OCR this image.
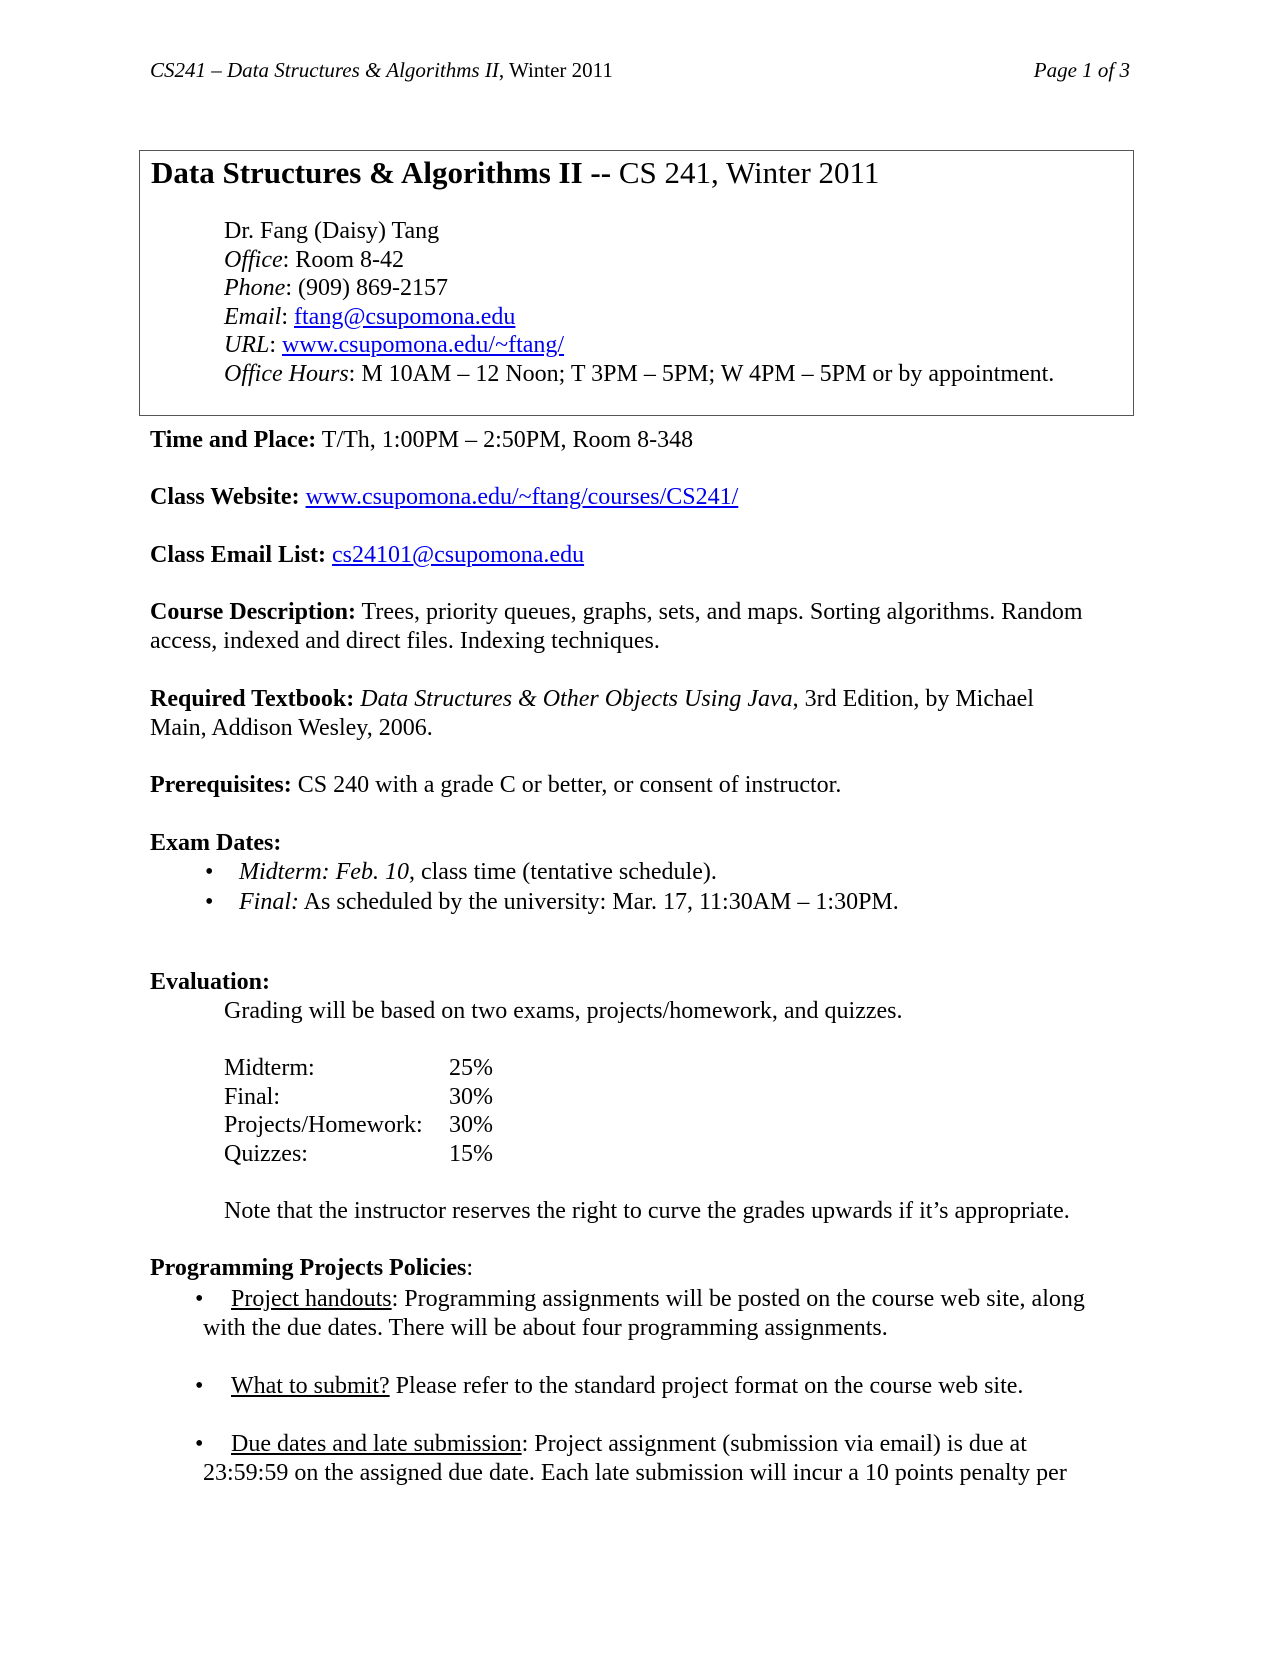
CS241 – Data Structures & Algorithms II, Winter 2011	Page 1 of 3
Data Structures & Algorithms II -- CS 241, Winter 2011
Dr. Fang (Daisy) Tang
Office: Room 8-42
Phone: (909) 869-2157
Email: ftang@csupomona.edu
URL: www.csupomona.edu/~ftang/
Office Hours: M 10AM – 12 Noon; T 3PM – 5PM; W 4PM – 5PM or by appointment.
Time and Place: T/Th, 1:00PM – 2:50PM, Room 8-348
Class Website: www.csupomona.edu/~ftang/courses/CS241/
Class Email List: cs24101@csupomona.edu
Course Description: Trees, priority queues, graphs, sets, and maps. Sorting algorithms. Random
access, indexed and direct files. Indexing techniques.
Required Textbook: Data Structures & Other Objects Using Java, 3rd Edition, by Michael
Main, Addison Wesley, 2006.
Prerequisites: CS 240 with a grade C or better, or consent of instructor.
Exam Dates:
• Midterm: Feb. 10, class time (tentative schedule).
• Final: As scheduled by the university: Mar. 17, 11:30AM – 1:30PM.
Evaluation:
Grading will be based on two exams, projects/homework, and quizzes.
Midterm:	25%
Final:	30%
Projects/Homework:	30%
Quizzes:	15%
Note that the instructor reserves the right to curve the grades upwards if it’s appropriate.
Programming Projects Policies:
• Project handouts: Programming assignments will be posted on the course web site, along
with the due dates. There will be about four programming assignments.
• What to submit? Please refer to the standard project format on the course web site.
• Due dates and late submission: Project assignment (submission via email) is due at
23:59:59 on the assigned due date. Each late submission will incur a 10 points penalty per
